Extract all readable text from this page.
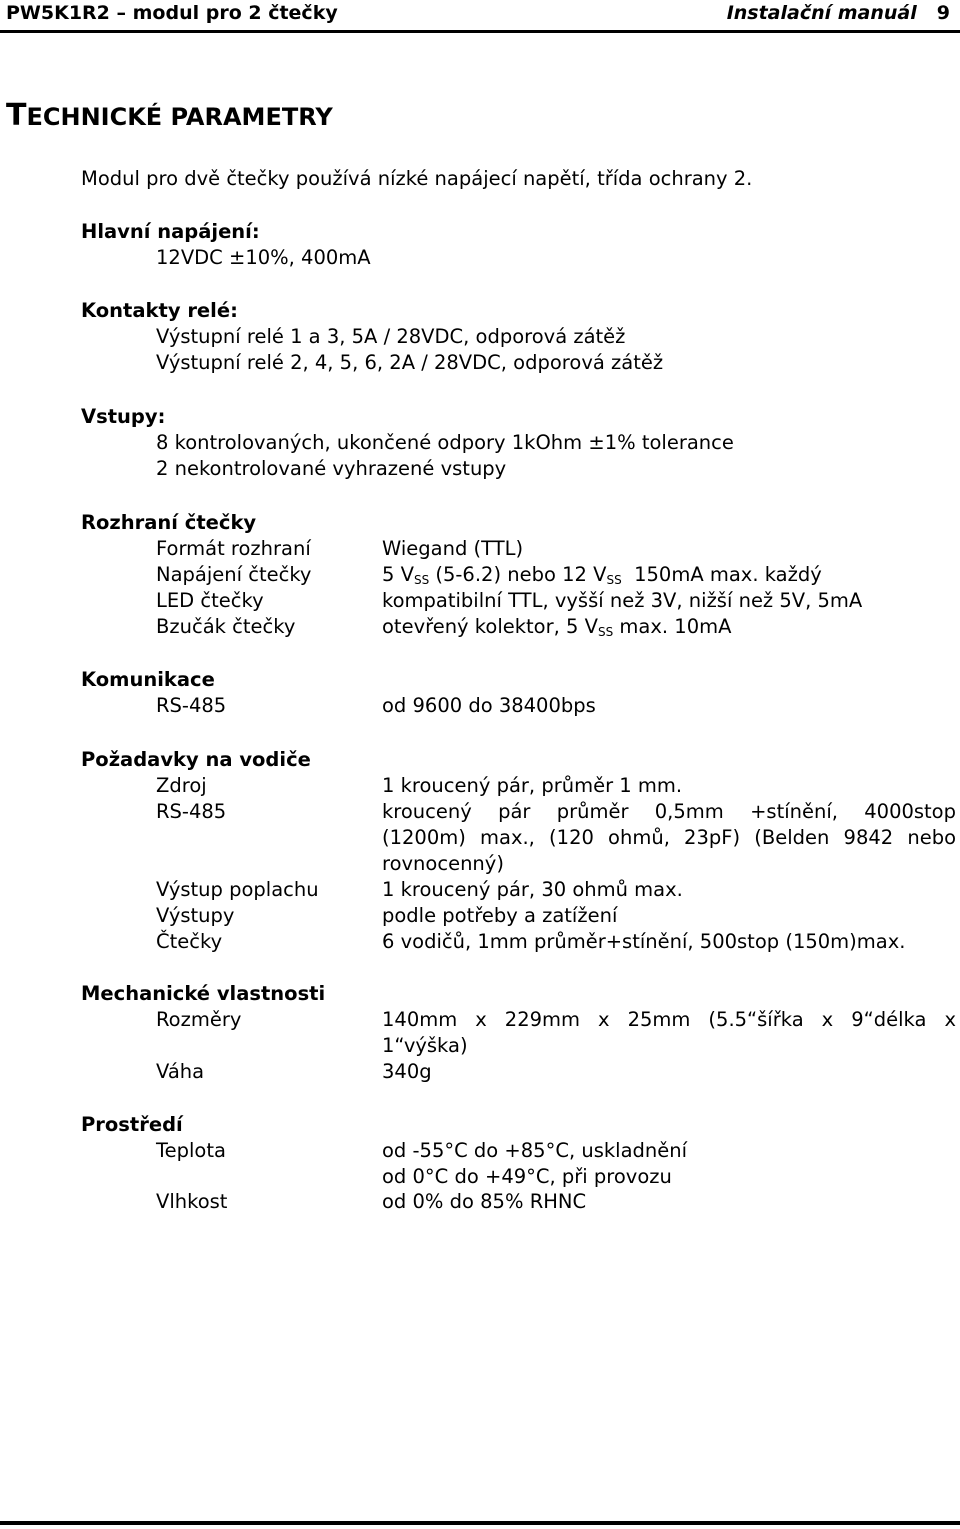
PW5K1R2 – modul pro 2 čtečky	Instalační manuál 9
TECHNICKÉ PARAMETRY
Modul pro dvě čtečky používá nízké napájecí napětí, třída ochrany 2.
Hlavní napájení:
12VDC ±10%, 400mA
Kontakty relé:
Výstupní relé 1 a 3, 5A / 28VDC, odporová zátěž
Výstupní relé 2, 4, 5, 6, 2A / 28VDC, odporová zátěž
Vstupy:
8 kontrolovaných, ukončené odpory 1kOhm ±1% tolerance
2 nekontrolované vyhrazené vstupy
Rozhraní čtečky
Formát rozhraní	Wiegand (TTL)
Napájení čtečky	5 $V_{SS}$ (5-6.2) nebo 12 $V_{SS}$  150mA max. každý
LED čtečky	kompatibilní TTL, vyšší než 3V, nižší než 5V, 5mA
Bzučák čtečky	otevřený kolektor, 5 $V_{SS}$ max. 10mA
Komunikace
RS-485	od 9600 do 38400bps
Požadavky na vodiče
Zdroj	1 kroucený pár, průměr 1 mm.
RS-485	kroucený pár průměr 0,5mm +stínění, 4000stop
(1200m) max., (120 ohmů, 23pF) (Belden 9842 nebo
rovnocenný)
Výstup poplachu	1 kroucený pár, 30 ohmů max.
Výstupy	podle potřeby a zatížení
Čtečky	6 vodičů, 1mm průměr+stínění, 500stop (150m)max.
Mechanické vlastnosti
Rozměry	140mm x 229mm x 25mm (5.5“šířka x 9“délka x
1“výška)
Váha	340g
Prostředí
Teplota	od -55°C do +85°C, uskladnění
od 0°C do +49°C, při provozu
Vlhkost	od 0% do 85% RHNC
